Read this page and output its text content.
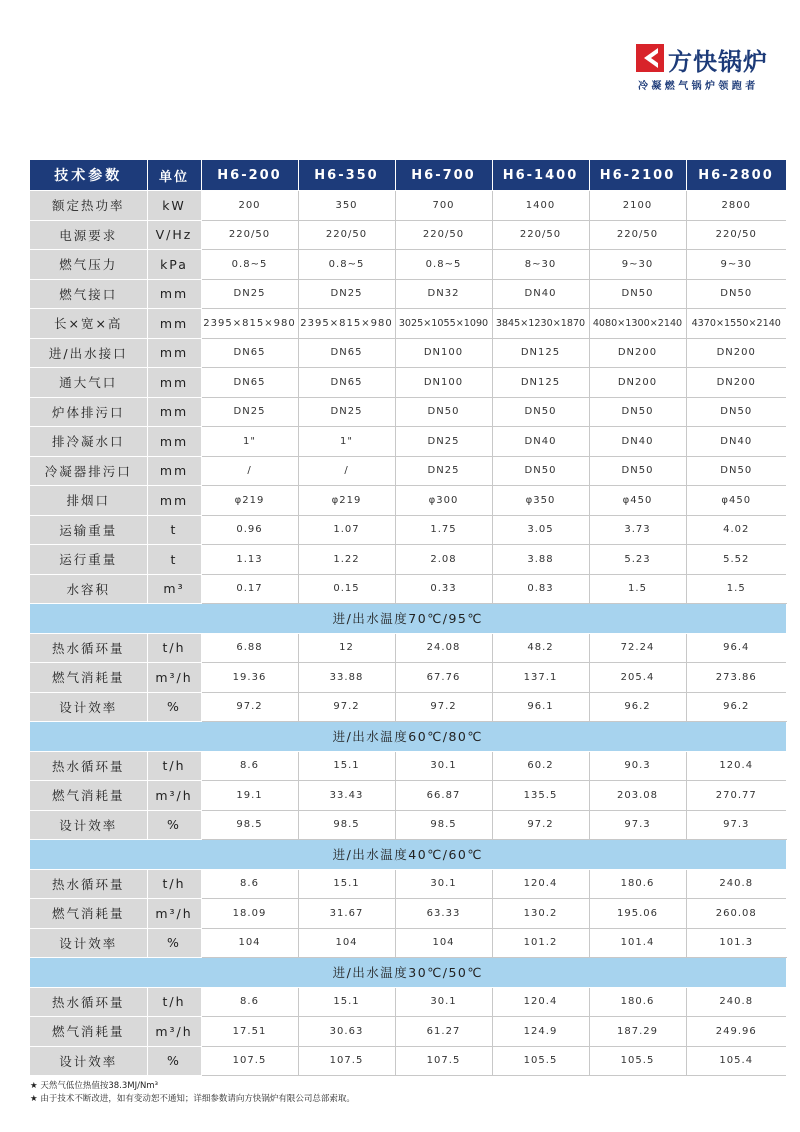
方快锅炉
冷凝燃气锅炉领跑者
技术参数	单位	H6-200	H6-350	H6-700	H6-1400	H6-2100	H6-2800
额定热功率	kW	200	350	700	1400	2100	2800
电源要求	V/Hz	220/50	220/50	220/50	220/50	220/50	220/50
燃气压力	kPa	0.8~5	0.8~5	0.8~5	8~30	9~30	9~30
燃气接口	mm	DN25	DN25	DN32	DN40	DN50	DN50
长×宽×高	mm	2395×815×980	2395×815×980	3025×1055×1090	3845×1230×1870	4080×1300×2140	4370×1550×2140
进/出水接口	mm	DN65	DN65	DN100	DN125	DN200	DN200
通大气口	mm	DN65	DN65	DN100	DN125	DN200	DN200
炉体排污口	mm	DN25	DN25	DN50	DN50	DN50	DN50
排冷凝水口	mm	1"	1"	DN25	DN40	DN40	DN40
冷凝器排污口	mm	/	/	DN25	DN50	DN50	DN50
排烟口	mm	φ219	φ219	φ300	φ350	φ450	φ450
运输重量	t	0.96	1.07	1.75	3.05	3.73	4.02
运行重量	t	1.13	1.22	2.08	3.88	5.23	5.52
水容积	m³	0.17	0.15	0.33	0.83	1.5	1.5
进/出水温度70℃/95℃							
热水循环量	t/h	6.88	12	24.08	48.2	72.24	96.4
燃气消耗量	m³/h	19.36	33.88	67.76	137.1	205.4	273.86
设计效率	%	97.2	97.2	97.2	96.1	96.2	96.2
进/出水温度60℃/80℃							
热水循环量	t/h	8.6	15.1	30.1	60.2	90.3	120.4
燃气消耗量	m³/h	19.1	33.43	66.87	135.5	203.08	270.77
设计效率	%	98.5	98.5	98.5	97.2	97.3	97.3
进/出水温度40℃/60℃							
热水循环量	t/h	8.6	15.1	30.1	120.4	180.6	240.8
燃气消耗量	m³/h	18.09	31.67	63.33	130.2	195.06	260.08
设计效率	%	104	104	104	101.2	101.4	101.3
进/出水温度30℃/50℃							
热水循环量	t/h	8.6	15.1	30.1	120.4	180.6	240.8
燃气消耗量	m³/h	17.51	30.63	61.27	124.9	187.29	249.96
设计效率	%	107.5	107.5	107.5	105.5	105.5	105.4
★ 天然气低位热值按38.3MJ/Nm³
★ 由于技术不断改进，如有变动恕不通知；详细参数请向方快锅炉有限公司总部索取。
